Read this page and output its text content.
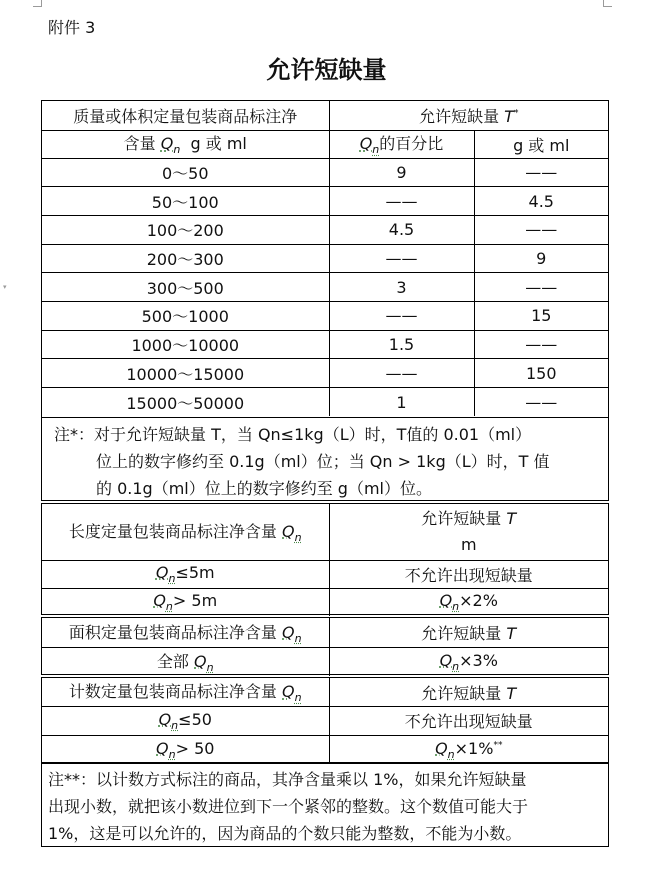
▾
附件 3
允许短缺量
质量或体积定量包装商品标注净	允许短缺量 T*
含量 $Q_n$ g 或 ml	$Q_n$的百分比	g 或 ml
0～50	9	——
50～100	——	4.5
100～200	4.5	——
200～300	——	9
300～500	3	——
500～1000	——	15
1000～10000	1.5	——
10000～15000	——	150
15000～50000	1	——
注*：对于允许短缺量 T，当 Qn≤1kg（L）时，T值的 0.01（ml）
位上的数字修约至 0.1g（ml）位；当 Qn > 1kg（L）时，T 值
的 0.1g（ml）位上的数字修约至 g（ml）位。
长度定量包装商品标注净含量 $Q_n$	允许短缺量 T
m
$Q_n\le 5m$	不允许出现短缺量
$Q_n> 5m$	$Q_n\times 2\%$
面积定量包装商品标注净含量 $Q_n$	允许短缺量 T
全部 $Q_n$	$Q_n\times 3\%$
计数定量包装商品标注净含量 $Q_n$	允许短缺量 T
$Q_n\le 50$	不允许出现短缺量
$Q_n> 50$	$Q_n\times 1\%^{**}$
注**：以计数方式标注的商品，其净含量乘以 1%，如果允许短缺量
出现小数，就把该小数进位到下一个紧邻的整数。这个数值可能大于
1%，这是可以允许的，因为商品的个数只能为整数，不能为小数。
